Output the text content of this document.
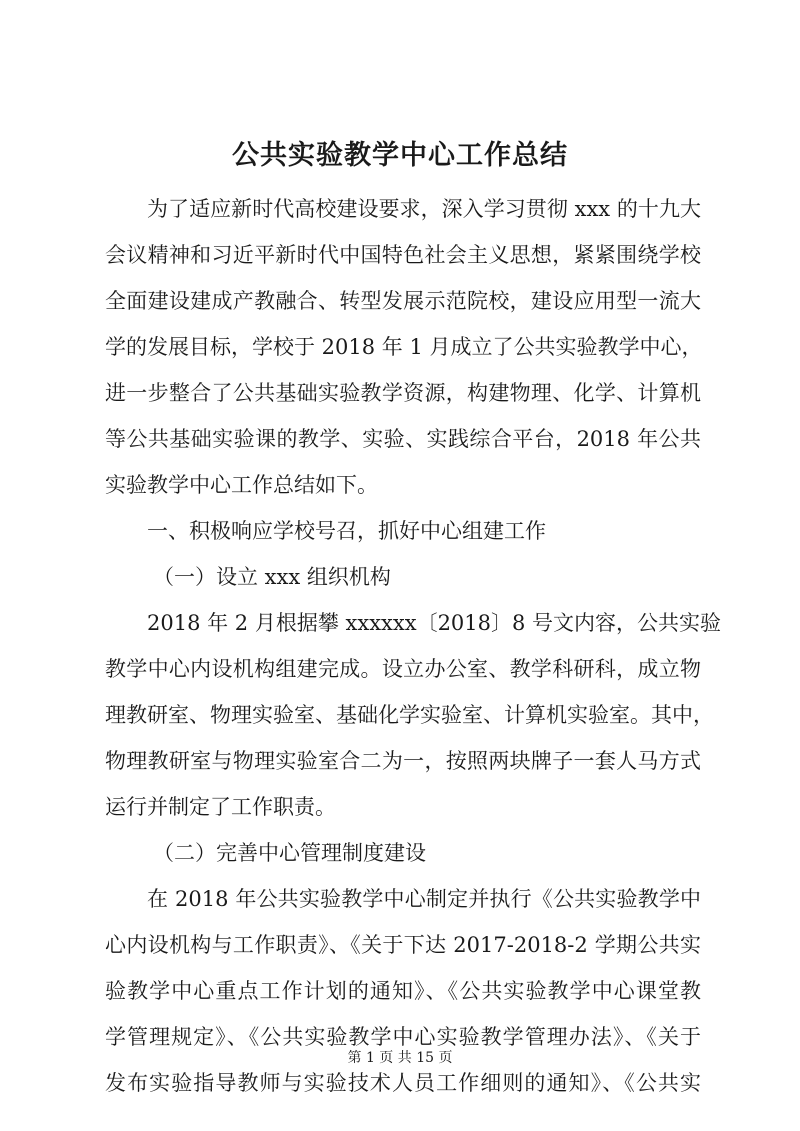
公共实验教学中心工作总结
为了适应新时代高校建设要求，深入学习贯彻 xxx 的十九大
会议精神和习近平新时代中国特色社会主义思想，紧紧围绕学校
全面建设建成产教融合、转型发展示范院校，建设应用型一流大
学的发展目标，学校于 2018 年 1 月成立了公共实验教学中心，
进一步整合了公共基础实验教学资源，构建物理、化学、计算机
等公共基础实验课的教学、实验、实践综合平台，2018 年公共
实验教学中心工作总结如下。
一、积极响应学校号召，抓好中心组建工作
（一）设立 xxx 组织机构
2018 年 2 月根据攀 xxxxxx〔2018〕8 号文内容，公共实验
教学中心内设机构组建完成。设立办公室、教学科研科，成立物
理教研室、物理实验室、基础化学实验室、计算机实验室。其中，
物理教研室与物理实验室合二为一，按照两块牌子一套人马方式
运行并制定了工作职责。
（二）完善中心管理制度建设
在 2018 年公共实验教学中心制定并执行《公共实验教学中
心内设机构与工作职责》、《关于下达 2017-2018-2 学期公共实
验教学中心重点工作计划的通知》、《公共实验教学中心课堂教
学管理规定》、《公共实验教学中心实验教学管理办法》、《关于
发布实验指导教师与实验技术人员工作细则的通知》、《公共实
第 1 页 共 15 页
